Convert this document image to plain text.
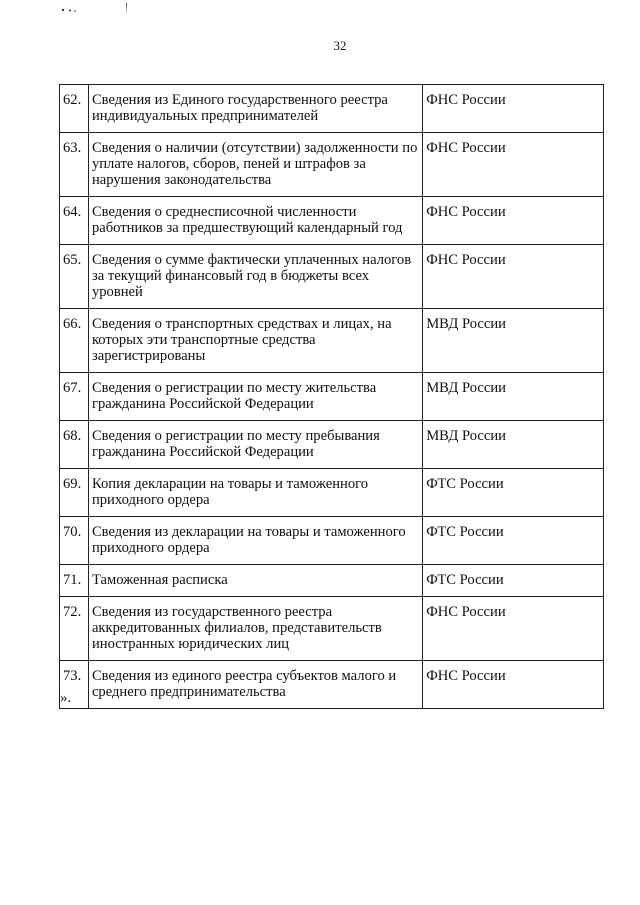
32
62.	Сведения из Единого государственного реестра индивидуальных предпринимателей	ФНС России
63.	Сведения о наличии (отсутствии) задолженности по уплате налогов, сборов, пеней и штрафов за нарушения законодательства	ФНС России
64.	Сведения о среднесписочной численности работников за предшествующий календарный год	ФНС России
65.	Сведения о сумме фактически уплаченных налогов за текущий финансовый год в бюджеты всех уровней	ФНС России
66.	Сведения о транспортных средствах и лицах, на которых эти транспортные средства зарегистрированы	МВД России
67.	Сведения о регистрации по месту жительства гражданина Российской Федерации	МВД России
68.	Сведения о регистрации по месту пребывания гражданина Российской Федерации	МВД России
69.	Копия декларации на товары и таможенного приходного ордера	ФТС России
70.	Сведения из декларации на товары и таможенного приходного ордера	ФТС России
71.	Таможенная расписка	ФТС России
72.	Сведения из государственного реестра аккредитованных филиалов, представительств иностранных юридических лиц	ФНС России
73.	Сведения из единого реестра субъектов малого и среднего предпринимательства	ФНС России
».
